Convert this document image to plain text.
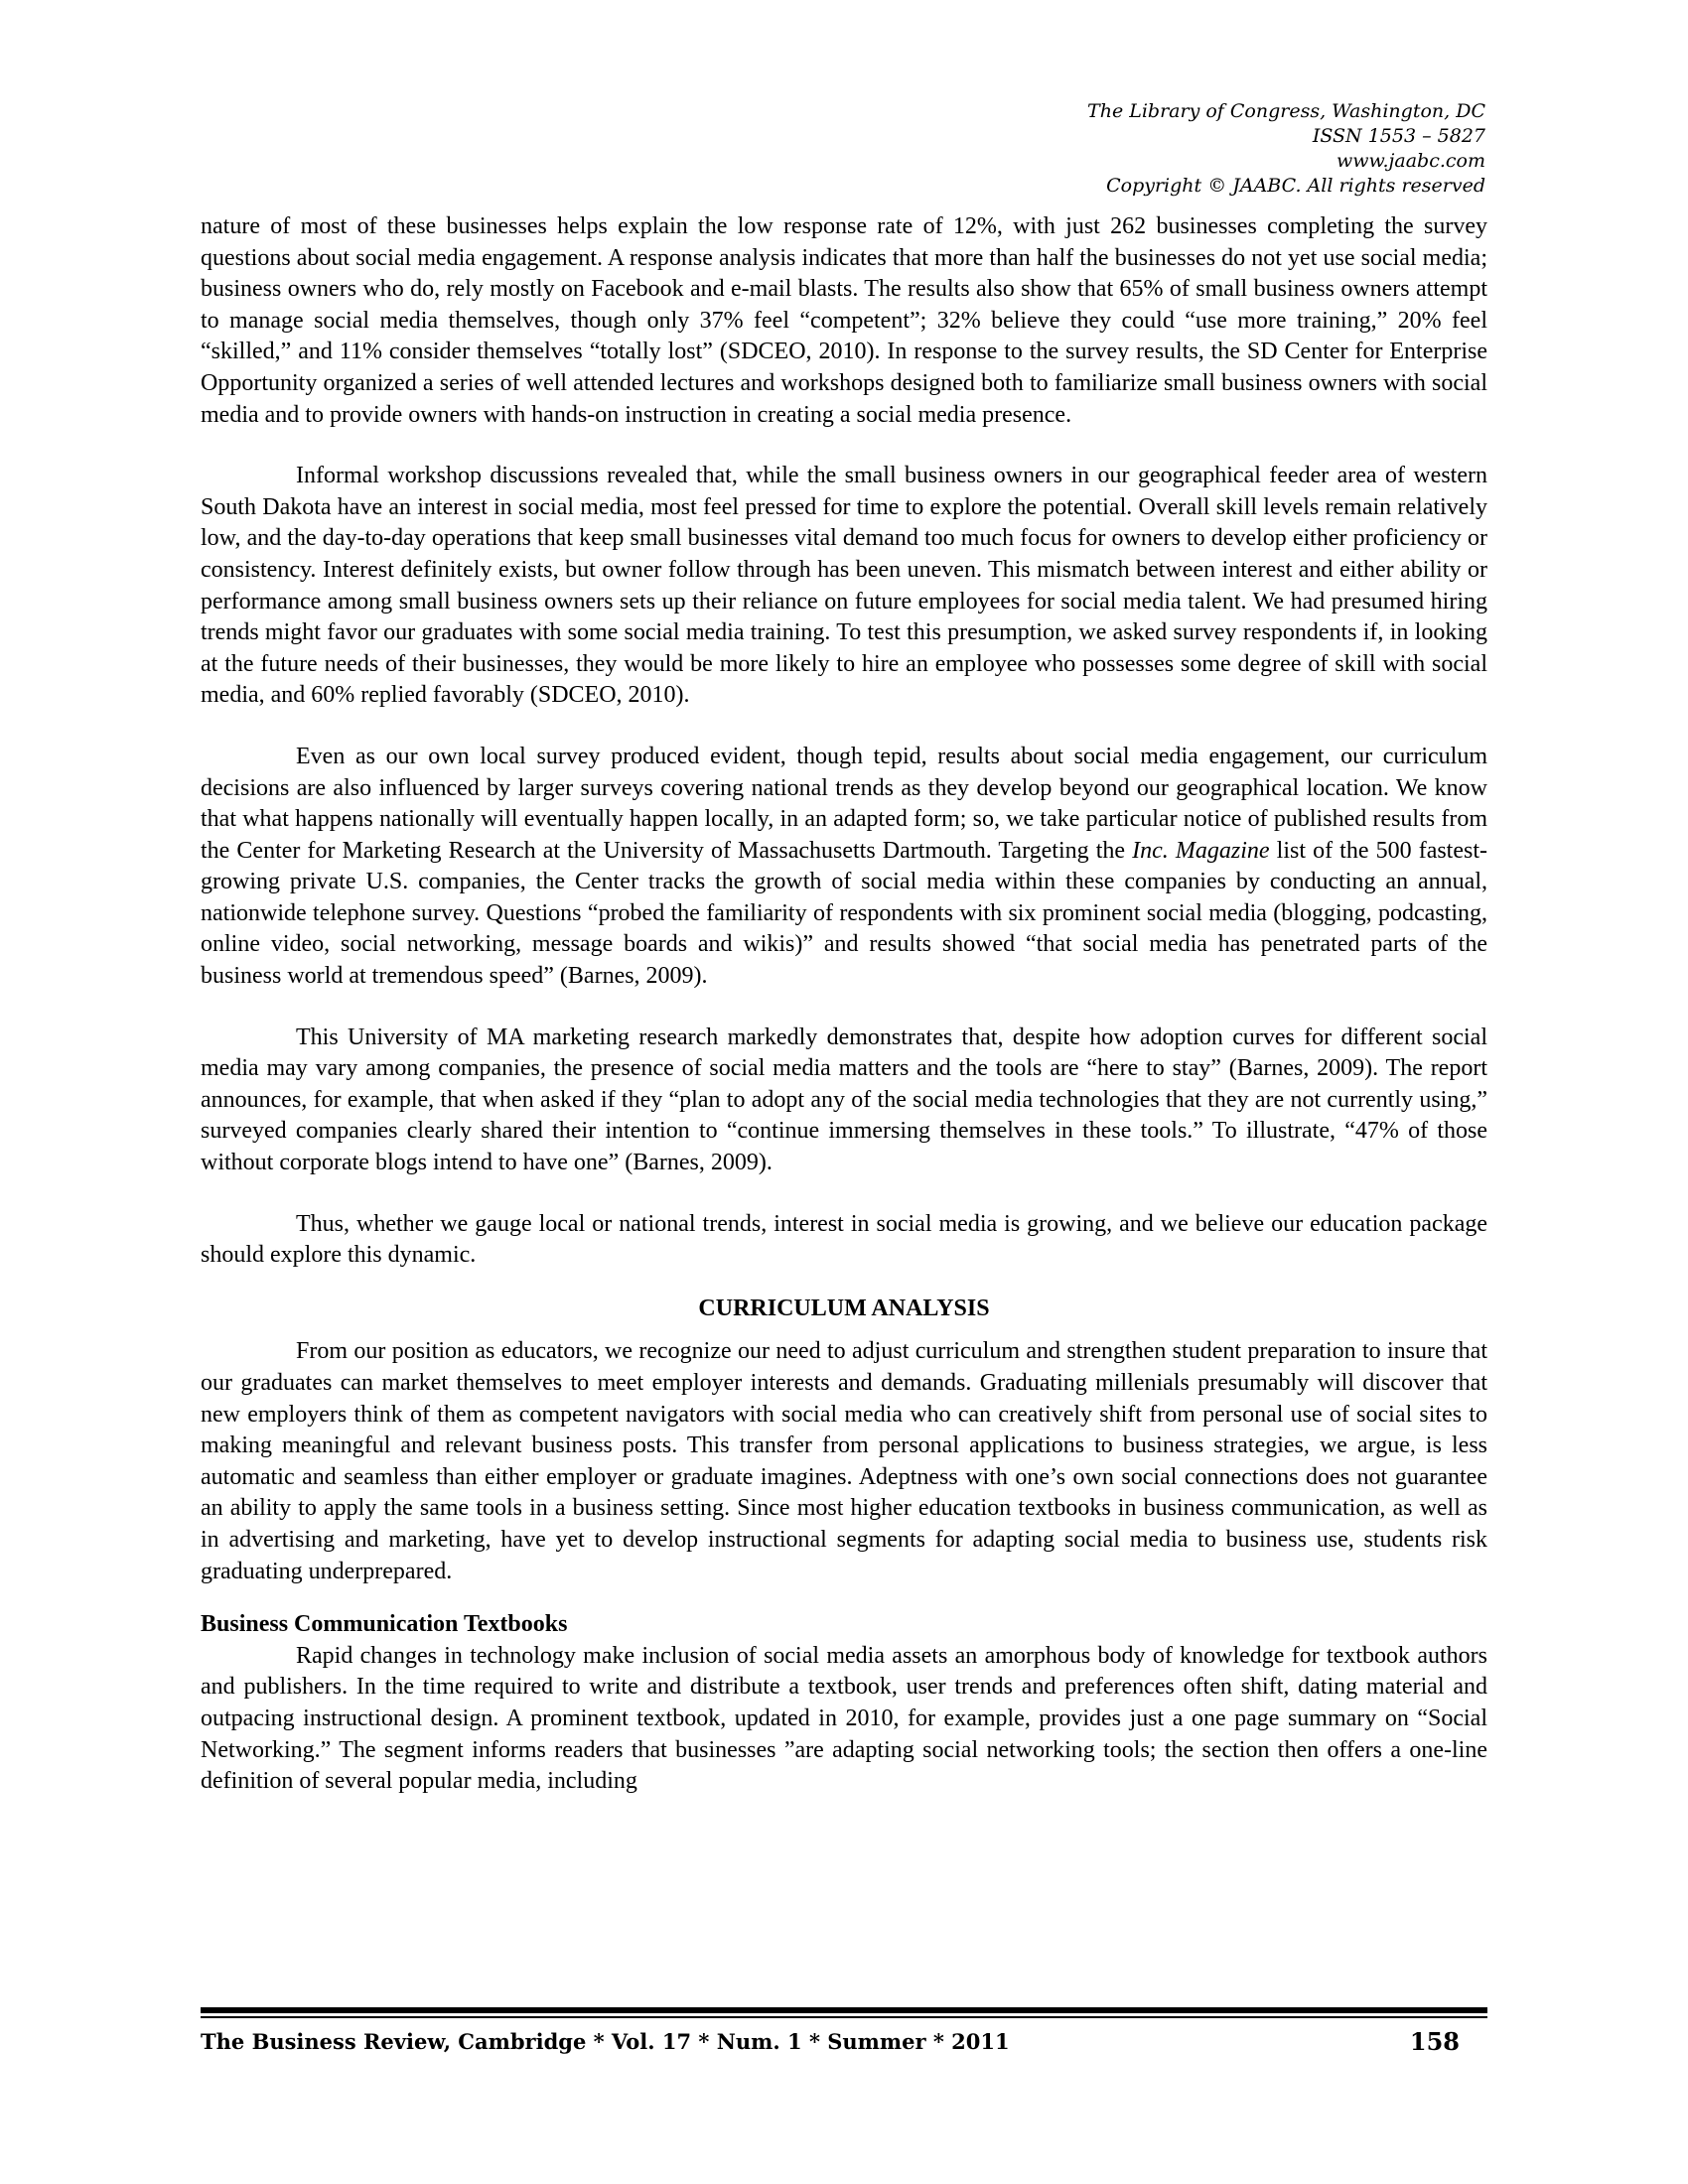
The Library of Congress, Washington, DC
ISSN 1553 – 5827
www.jaabc.com
Copyright © JAABC. All rights reserved

nature of most of these businesses helps explain the low response rate of 12%, with just 262 businesses completing the survey questions about social media engagement. A response analysis indicates that more than half the businesses do not yet use social media; business owners who do, rely mostly on Facebook and e-mail blasts. The results also show that 65% of small business owners attempt to manage social media themselves, though only 37% feel “competent”; 32% believe they could “use more training,” 20% feel “skilled,” and 11% consider themselves “totally lost” (SDCEO, 2010). In response to the survey results, the SD Center for Enterprise Opportunity organized a series of well attended lectures and workshops designed both to familiarize small business owners with social media and to provide owners with hands-on instruction in creating a social media presence.

Informal workshop discussions revealed that, while the small business owners in our geographical feeder area of western South Dakota have an interest in social media, most feel pressed for time to explore the potential. Overall skill levels remain relatively low, and the day-to-day operations that keep small businesses vital demand too much focus for owners to develop either proficiency or consistency. Interest definitely exists, but owner follow through has been uneven. This mismatch between interest and either ability or performance among small business owners sets up their reliance on future employees for social media talent. We had presumed hiring trends might favor our graduates with some social media training. To test this presumption, we asked survey respondents if, in looking at the future needs of their businesses, they would be more likely to hire an employee who possesses some degree of skill with social media, and 60% replied favorably (SDCEO, 2010).

Even as our own local survey produced evident, though tepid, results about social media engagement, our curriculum decisions are also influenced by larger surveys covering national trends as they develop beyond our geographical location. We know that what happens nationally will eventually happen locally, in an adapted form; so, we take particular notice of published results from the Center for Marketing Research at the University of Massachusetts Dartmouth. Targeting the Inc. Magazine list of the 500 fastest-growing private U.S. companies, the Center tracks the growth of social media within these companies by conducting an annual, nationwide telephone survey. Questions “probed the familiarity of respondents with six prominent social media (blogging, podcasting, online video, social networking, message boards and wikis)” and results showed “that social media has penetrated parts of the business world at tremendous speed” (Barnes, 2009).

This University of MA marketing research markedly demonstrates that, despite how adoption curves for different social media may vary among companies, the presence of social media matters and the tools are “here to stay” (Barnes, 2009). The report announces, for example, that when asked if they “plan to adopt any of the social media technologies that they are not currently using,” surveyed companies clearly shared their intention to “continue immersing themselves in these tools.” To illustrate, “47% of those without corporate blogs intend to have one” (Barnes, 2009).

Thus, whether we gauge local or national trends, interest in social media is growing, and we believe our education package should explore this dynamic.

CURRICULUM ANALYSIS

From our position as educators, we recognize our need to adjust curriculum and strengthen student preparation to insure that our graduates can market themselves to meet employer interests and demands. Graduating millenials presumably will discover that new employers think of them as competent navigators with social media who can creatively shift from personal use of social sites to making meaningful and relevant business posts. This transfer from personal applications to business strategies, we argue, is less automatic and seamless than either employer or graduate imagines. Adeptness with one’s own social connections does not guarantee an ability to apply the same tools in a business setting. Since most higher education textbooks in business communication, as well as in advertising and marketing, have yet to develop instructional segments for adapting social media to business use, students risk graduating underprepared.

Business Communication Textbooks

Rapid changes in technology make inclusion of social media assets an amorphous body of knowledge for textbook authors and publishers. In the time required to write and distribute a textbook, user trends and preferences often shift, dating material and outpacing instructional design. A prominent textbook, updated in 2010, for example, provides just a one page summary on “Social Networking.” The segment informs readers that businesses ”are adapting social networking tools; the section then offers a one-line definition of several popular media, including

The Business Review, Cambridge * Vol. 17 * Num. 1 * Summer * 2011	158
